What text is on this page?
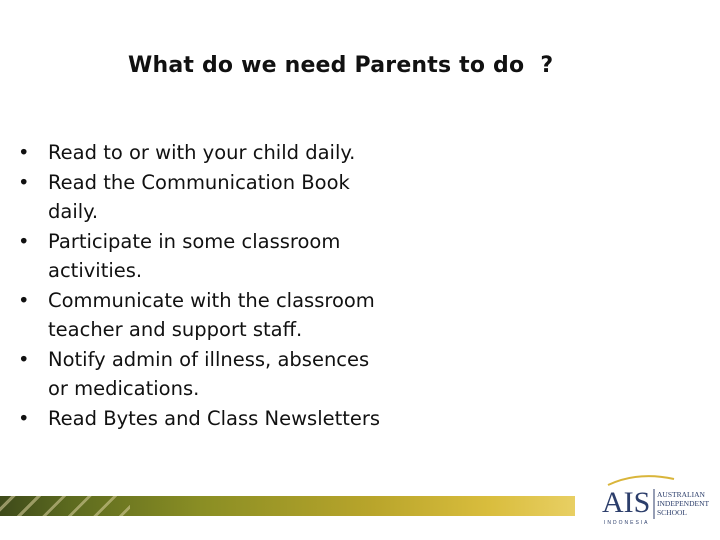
What do we need Parents to do ?
• Read to or with your child daily.
• Read the Communication Book
daily.
• Participate in some classroom
activities.
• Communicate with the classroom
teacher and support staff.
• Notify admin of illness, absences
or medications.
• Read Bytes and Class Newsletters
AIS AUSTRALIAN
INDEPENDENT
SCHOOL
INDONESIA
